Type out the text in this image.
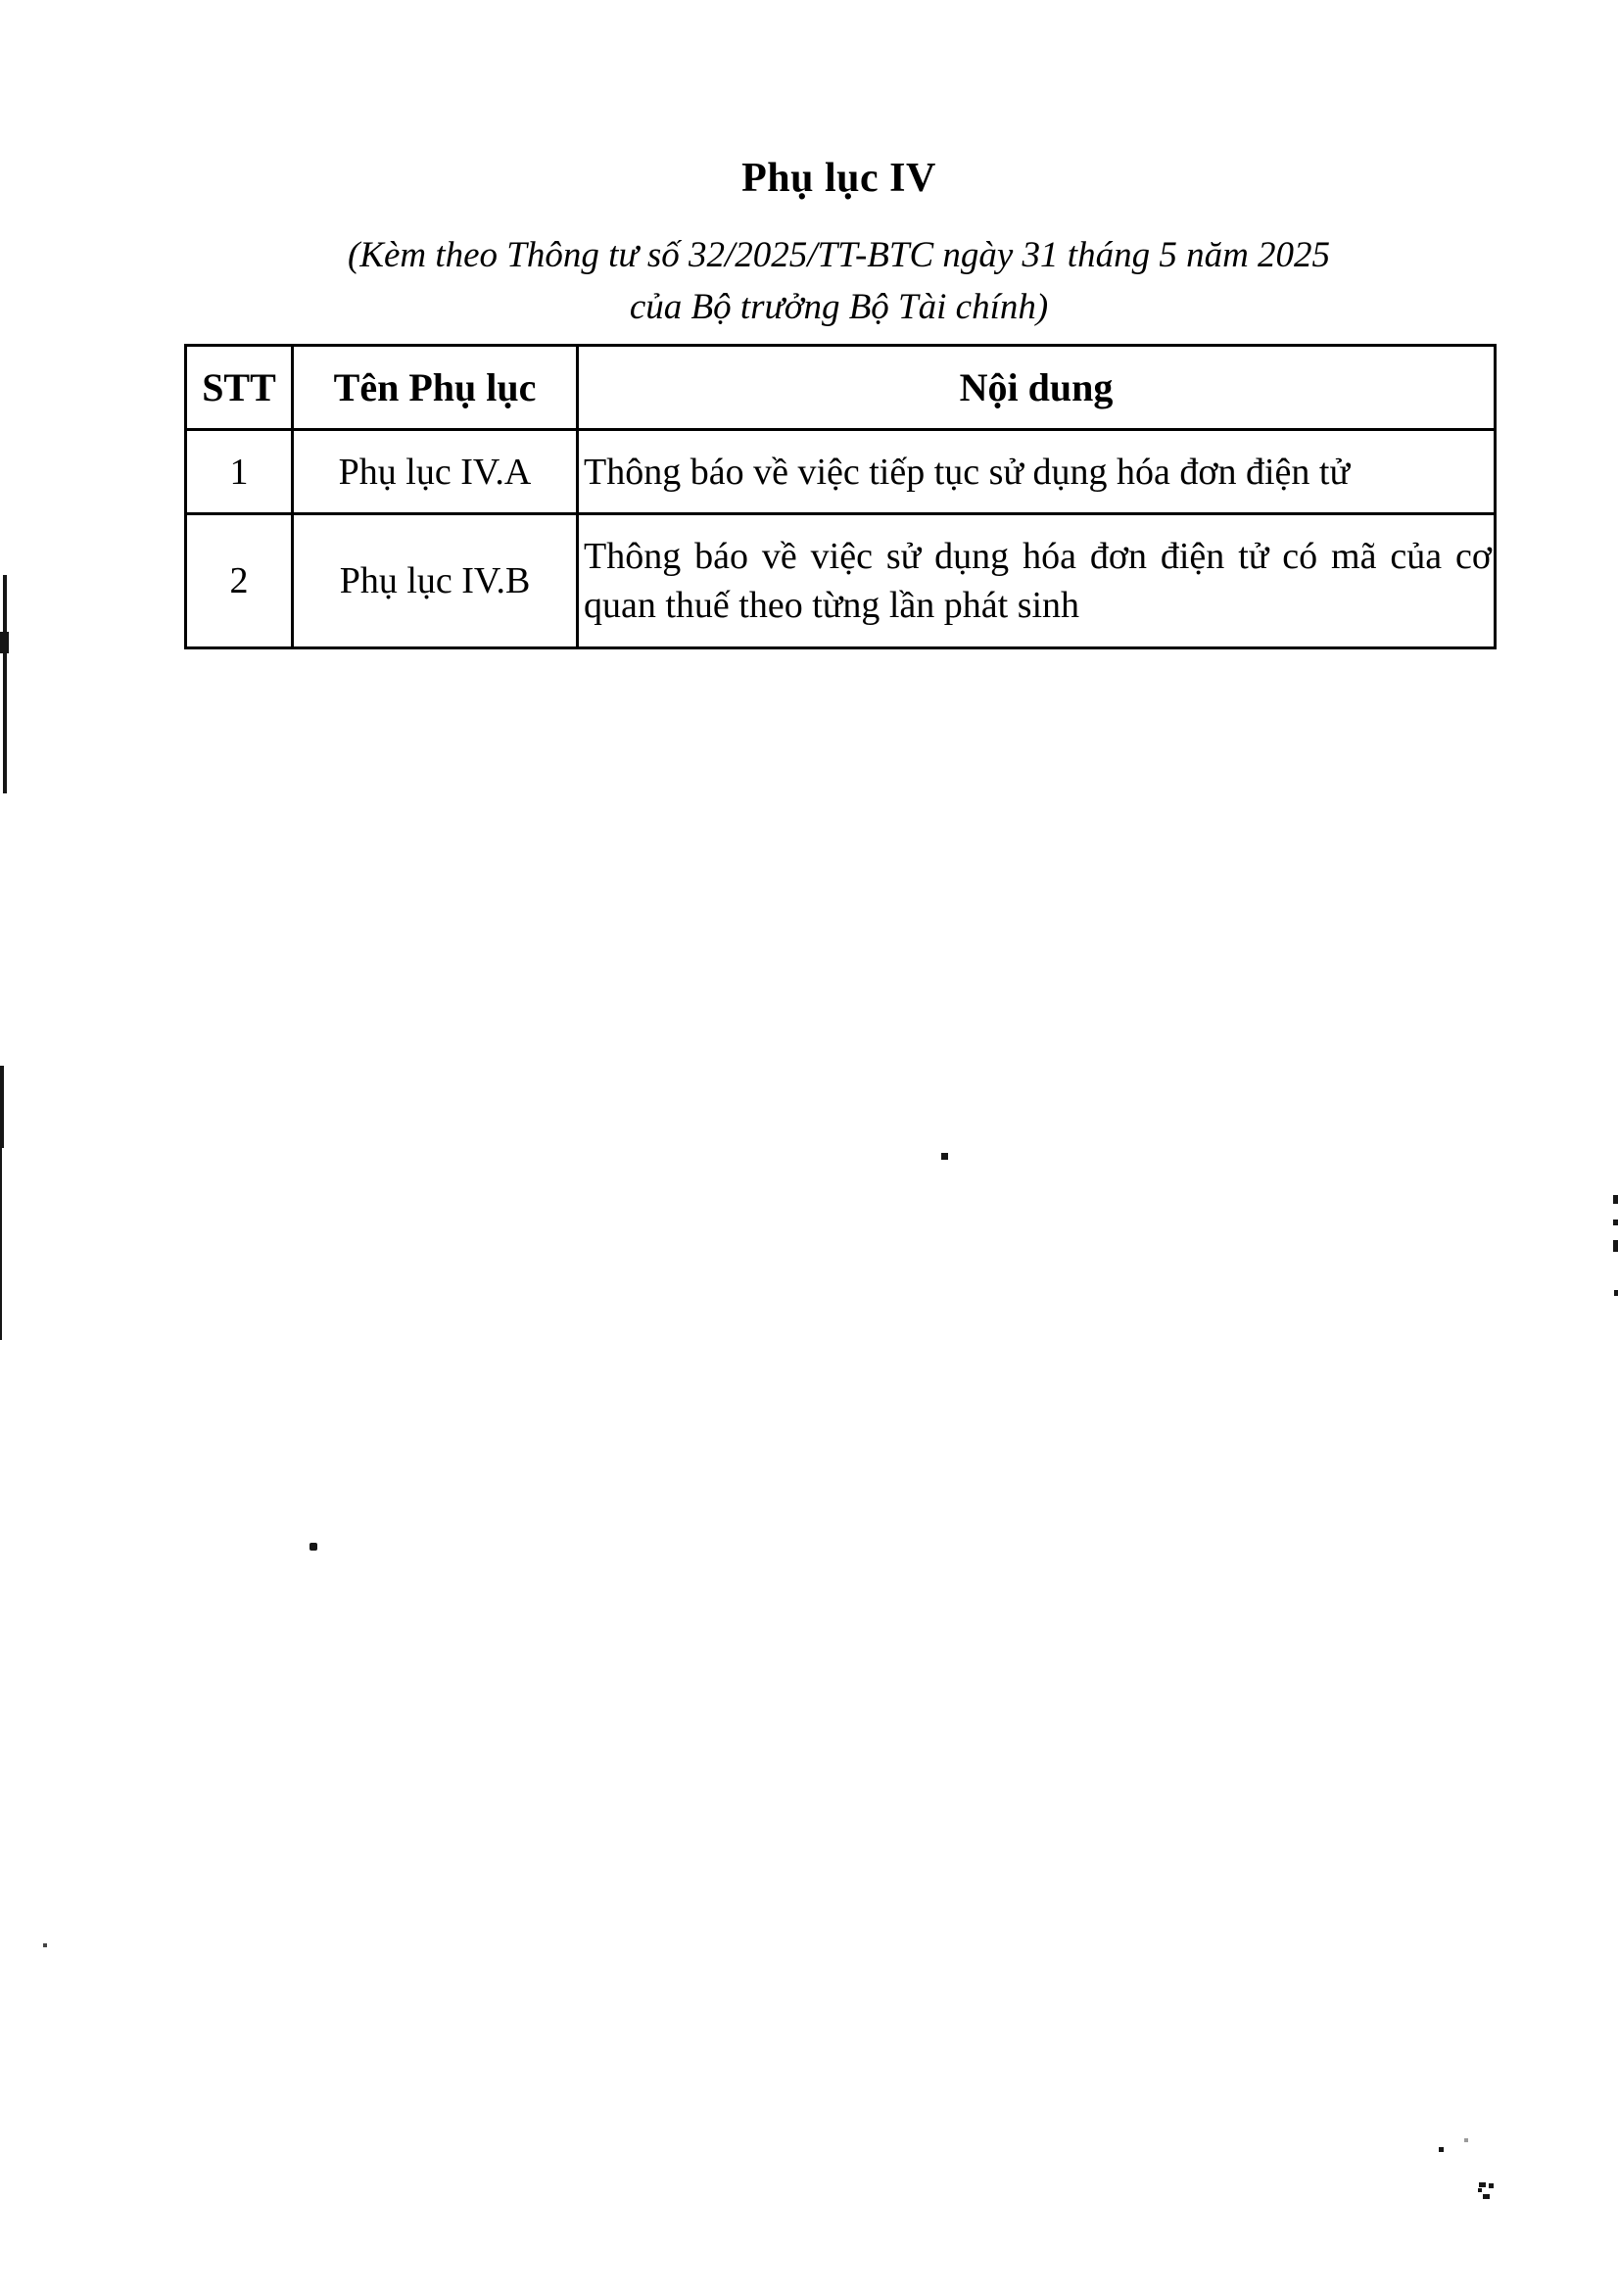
Phụ lục IV
(Kèm theo Thông tư số 32/2025/TT-BTC ngày 31 tháng 5 năm 2025
của Bộ trưởng Bộ Tài chính)
STT	Tên Phụ lục	Nội dung
1	Phụ lục IV.A	Thông báo về việc tiếp tục sử dụng hóa đơn điện tử

2	Phụ lục IV.B	Thông báo về việc sử dụng hóa đơn điện tử có mã của cơ
quan thuế theo từng lần phát sinh
